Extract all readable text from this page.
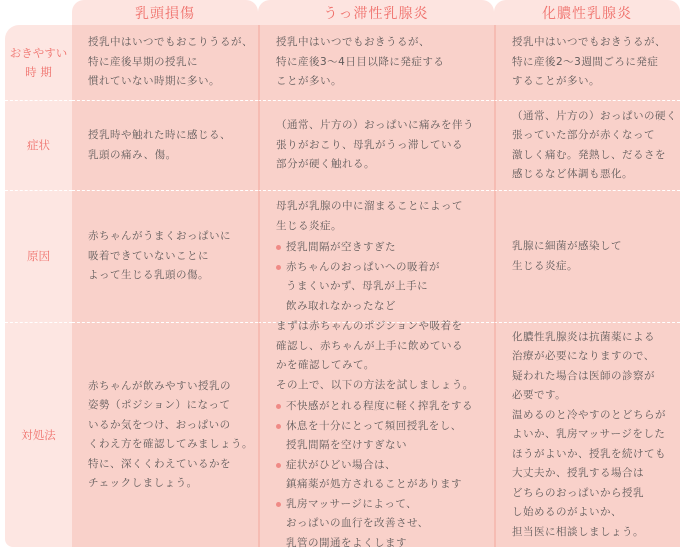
乳頭損傷	うっ滞性乳腺炎	化膿性乳腺炎
おきやすい
時 期
授乳中はいつでもおこりうるが、
特に産後早期の授乳に
慣れていない時期に多い。
授乳中はいつでもおきうるが、
特に産後3〜4日目以降に発症する
ことが多い。
授乳中はいつでもおきうるが、
特に産後2〜3週間ごろに発症
することが多い。
症状
授乳時や触れた時に感じる、
乳頭の痛み、傷。
（通常、片方の）おっぱいに痛みを伴う
張りがおこり、母乳がうっ滞している
部分が硬く触れる。
（通常、片方の）おっぱいの硬く
張っていた部分が赤くなって
激しく痛む。発熱し、だるさを
感じるなど体調も悪化。
原因
赤ちゃんがうまくおっぱいに
吸着できていないことに
よって生じる乳頭の傷。
母乳が乳腺の中に溜まることによって
生じる炎症。
授乳間隔が空きすぎた
赤ちゃんのおっぱいへの吸着が
うまくいかず、母乳が上手に
飲み取れなかったなど
乳腺に細菌が感染して
生じる炎症。
対処法
赤ちゃんが飲みやすい授乳の
姿勢（ポジション）になって
いるか気をつけ、おっぱいの
くわえ方を確認してみましょう。
特に、深くくわえているかを
チェックしましょう。
まずは赤ちゃんのポジションや吸着を
確認し、赤ちゃんが上手に飲めている
かを確認してみて。
その上で、以下の方法を試しましょう。
不快感がとれる程度に軽く搾乳をする
休息を十分にとって頻回授乳をし、
授乳間隔を空けすぎない
症状がひどい場合は、
鎮痛薬が処方されることがあります
乳房マッサージによって、
おっぱいの血行を改善させ、
乳管の開通をよくします
化膿性乳腺炎は抗菌薬による
治療が必要になりますので、
疑われた場合は医師の診察が
必要です。
温めるのと冷やすのとどちらが
よいか、乳房マッサージをした
ほうがよいか、授乳を続けても
大丈夫か、授乳する場合は
どちらのおっぱいから授乳
し始めるのがよいか、
担当医に相談しましょう。
